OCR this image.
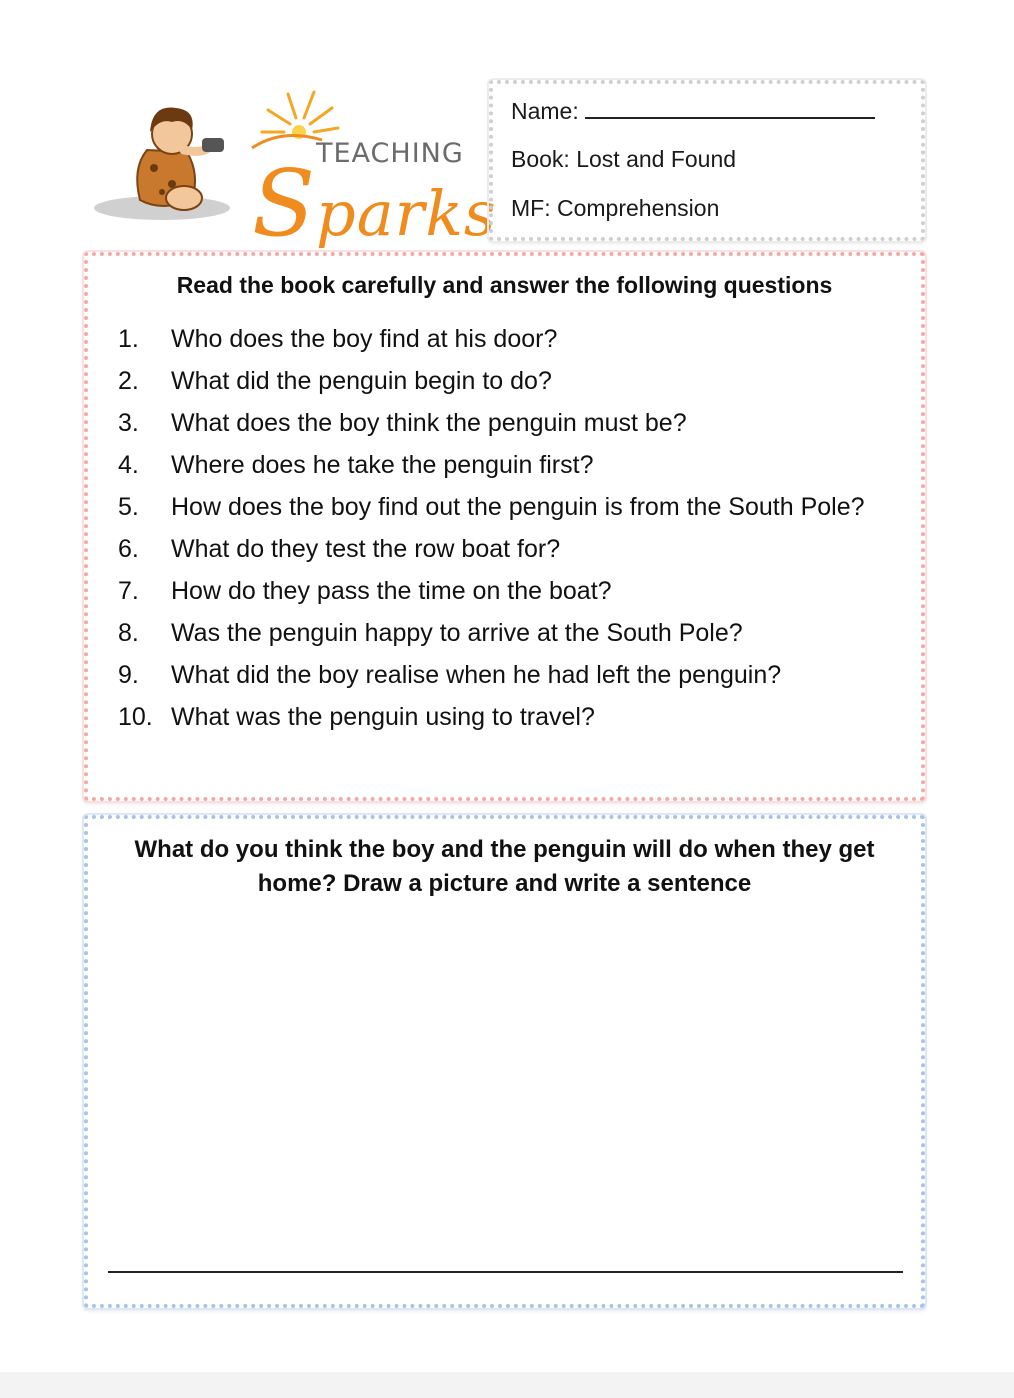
TEACHING
Sparks
Name:
Book: Lost and Found
MF: Comprehension
Read the book carefully and answer the following questions
1.	Who does the boy find at his door?
2.	What did the penguin begin to do?
3.	What does the boy think the penguin must be?
4.	Where does he take the penguin first?
5.	How does the boy find out the penguin is from the South Pole?
6.	What do they test the row boat for?
7.	How do they pass the time on the boat?
8.	Was the penguin happy to arrive at the South Pole?
9.	What did the boy realise when he had left the penguin?
10. What was the penguin using to travel?
What do you think the boy and the penguin will do when they get home? Draw a picture and write a sentence
